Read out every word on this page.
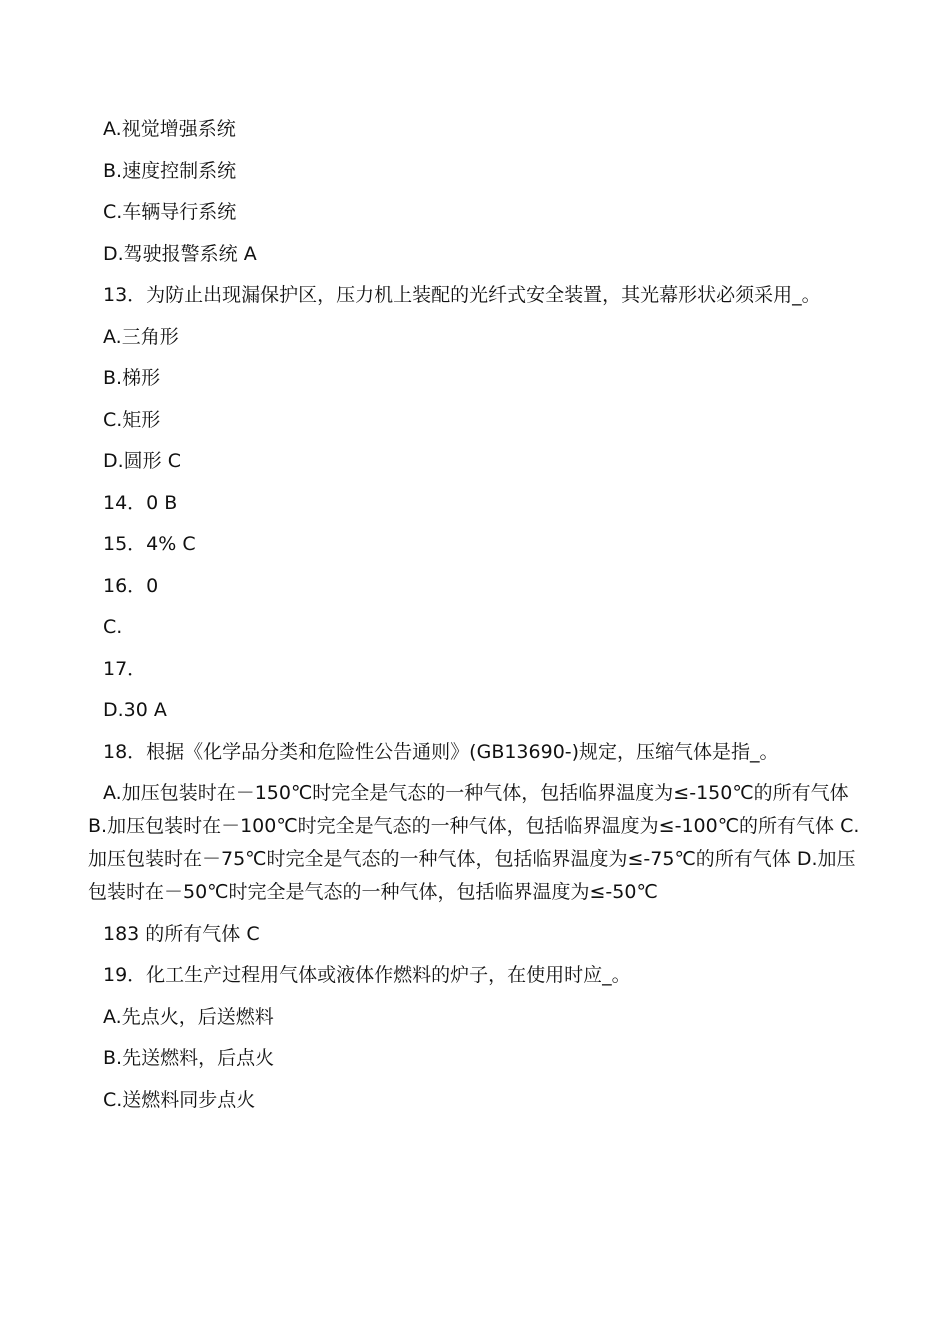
A.视觉增强系统

B.速度控制系统

C.车辆导行系统

D.驾驶报警系统 A

13．为防止出现漏保护区，压力机上装配的光纤式安全装置，其光幕形状必须采用_。

A.三角形

B.梯形

C.矩形

D.圆形 C

14．0 B

15．4% C

16．0

C.

17．

D.30 A

18．根据《化学品分类和危险性公告通则》(GB13690-)规定，压缩气体是指_。

A.加压包装时在－150℃时完全是气态的一种气体，包括临界温度为≤-150℃的所有气体 B.加压包装时在－100℃时完全是气态的一种气体，包括临界温度为≤-100℃的所有气体 C.加压包装时在－75℃时完全是气态的一种气体，包括临界温度为≤-75℃的所有气体 D.加压包装时在－50℃时完全是气态的一种气体，包括临界温度为≤-50℃

183 的所有气体 C

19．化工生产过程用气体或液体作燃料的炉子，在使用时应_。

A.先点火，后送燃料

B.先送燃料，后点火

C.送燃料同步点火
